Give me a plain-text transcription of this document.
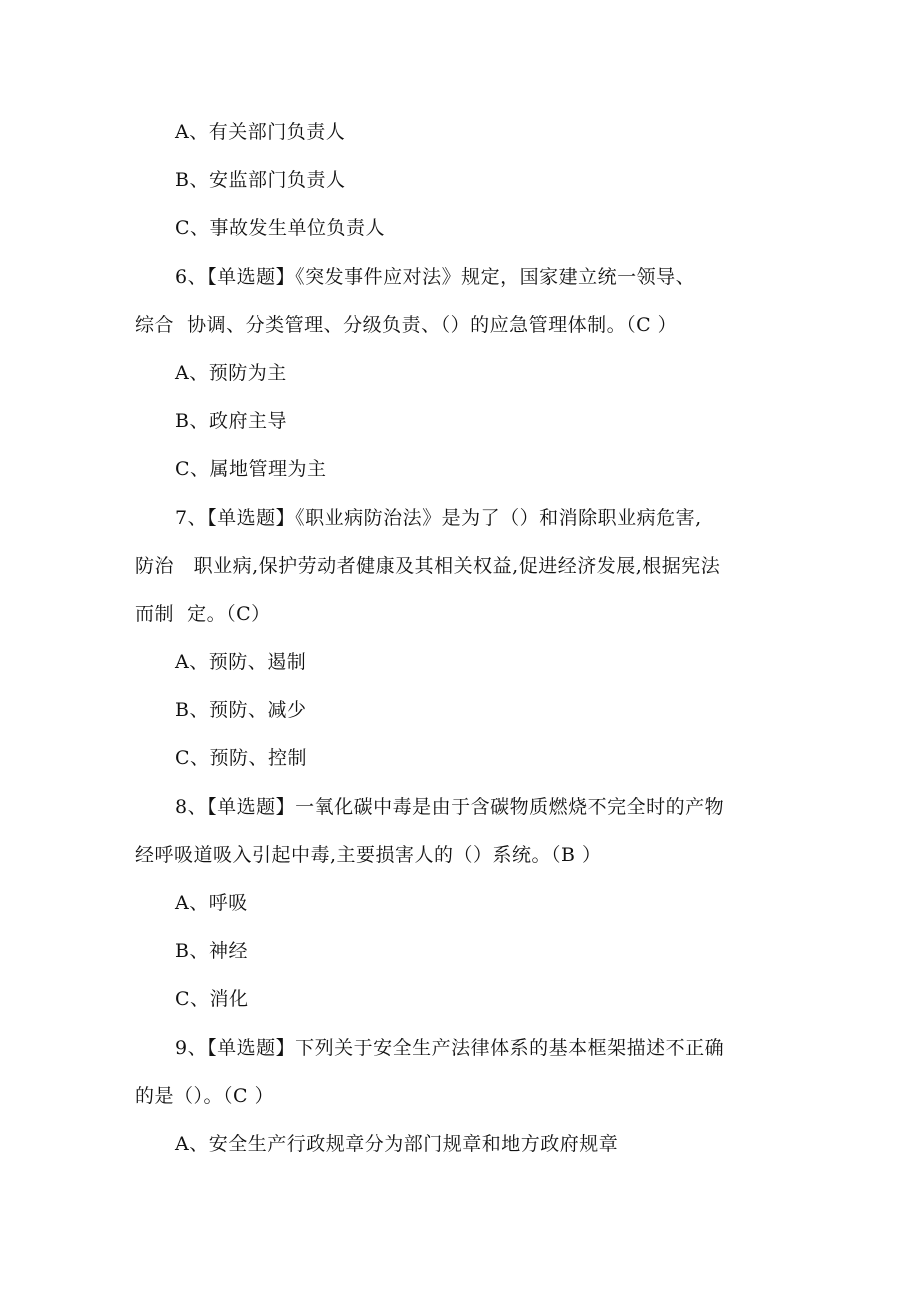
A、有关部门负责人
B、安监部门负责人
C、事故发生单位负责人
6、【单选题】《突发事件应对法》规定，国家建立统一领导、
综合  协调、分类管理、分级负责、（）的应急管理体制。（C ）
A、预防为主
B、政府主导
C、属地管理为主
7、【单选题】《职业病防治法》是为了（）和消除职业病危害,
防治   职业病,保护劳动者健康及其相关权益,促进经济发展,根据宪法
而制  定。（C）
A、预防、遏制
B、预防、减少
C、预防、控制
8、【单选题】一氧化碳中毒是由于含碳物质燃烧不完全时的产物
经呼吸道吸入引起中毒,主要损害人的（）系统。（B ）
A、呼吸
B、神经
C、消化
9、【单选题】下列关于安全生产法律体系的基本框架描述不正确
的是（）。（C ）
A、安全生产行政规章分为部门规章和地方政府规章
